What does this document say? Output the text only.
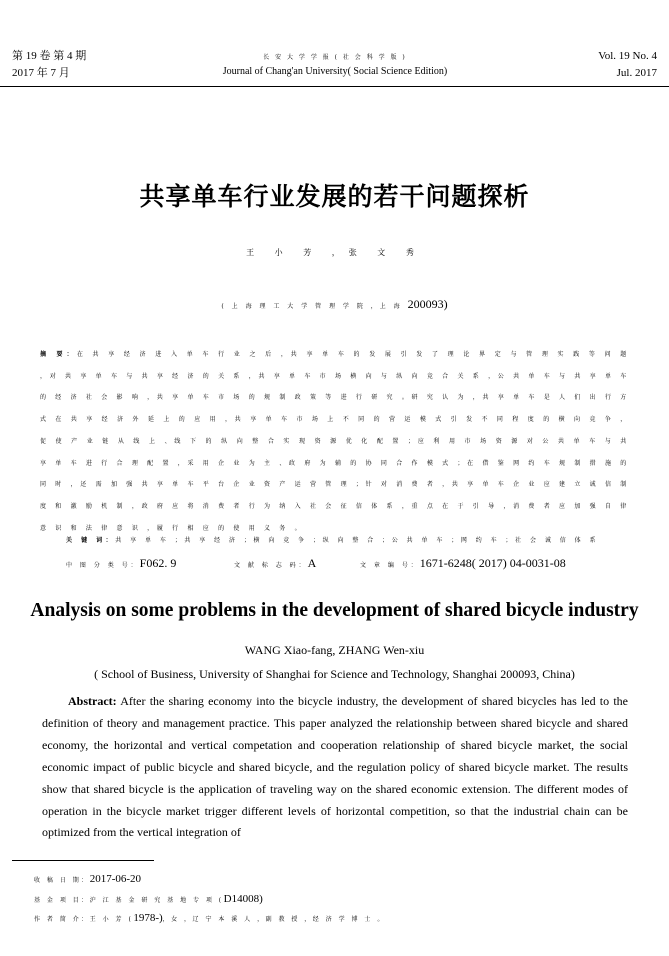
第 19 卷 第 4 期
2017 年 7 月
长 安 大 学 学 报 ( 社 会 科 学 版 )
Journal of Chang'an University( Social Science Edition)
Vol. 19 No. 4
Jul. 2017
共享单车行业发展的若干问题探析
王 小 芳 ，张 文 秀
( 上 海 理 工 大 学 管 理 学 院 ，上 海 200093)
摘 要：在 共 享 经 济 进 入 单 车 行 业 之 后 ，共 享 单 车 的 发 展 引 发 了 理 论 界 定 与 管 理 实 践 等 问 题 ，对 共 享 单 车 与 共 享 经 济 的 关 系 ，共 享 单 车 市 场 横 向 与 纵 向 竞 合 关 系 ，公 共 单 车 与 共 享 单 车 的 经 济 社 会 影 响 ，共 享 单 车 市 场 的 规 制 政 策 等 进 行 研 究 。研 究 认 为 ，共 享 单 车 是 人 们 出 行 方 式 在 共 享 经 济 外 延 上 的 应 用 ，共 享 单 车 市 场 上 不 同 的 营 运 模 式 引 发 不 同 程 度 的 横 向 竞 争 ，促 使 产 业 链 从 线 上 、线 下 的 纵 向 整 合 实 现 资 源 优 化 配 置 ；应 利 用 市 场 资 源 对 公 共 单 车 与 共 享 单 车 进 行 合 理 配 置 ，采 用 企 业 为 主 、政 府 为 辅 的 协 同 合 作 模 式 ；在 借 鉴 网 约 车 规 制 措 施 的 同 时 ，还 需 加 强 共 享 单 车 平 台 企 业 资 产 运 营 管 理 ；针 对 消 费 者 ，共 享 单 车 企 业 应 建 立 诚 信 制 度 和 激 励 机 制 ，政 府 应 将 消 费 者 行 为 纳 入 社 会 征 信 体 系 ，重 点 在 于 引 导 ，消 费 者 应 加 强 自 律 意 识 和 法 律 意 识 ，履 行 相 应 的 使 用 义 务 。
关 键 词：共 享 单 车 ；共 享 经 济 ；横 向 竞 争 ；纵 向 整 合 ；公 共 单 车 ；网 约 车 ；社 会 诚 信 体 系
中 图 分 类 号：F062. 9	文 献 标 志 码：A	文 章 编 号：1671-6248( 2017) 04-0031-08
Analysis on some problems in the development of shared bicycle industry
WANG Xiao-fang, ZHANG Wen-xiu
( School of Business, University of Shanghai for Science and Technology, Shanghai 200093, China)
Abstract: After the sharing economy into the bicycle industry, the development of shared bicycles has led to the definition of theory and management practice. This paper analyzed the relationship between shared bicycle and shared economy, the horizontal and vertical competation and cooperation relationship of shared bicycle market, the social economic impact of public bicycle and shared bicycle, and the regulation policy of shared bicycle market. The results show that shared bicycle is the application of traveling way on the shared economic extension. The different modes of operation in the bicycle market trigger different levels of horizontal competition, so that the industrial chain can be optimized from the vertical integration of
收 稿 日 期：2017-06-20
基 金 项 目：沪 江 基 金 研 究 基 地 专 项 (D14008)
作 者 简 介：王 小 芳 (1978-)，女 ，辽 宁 本 溪 人 ，副 教 授 ，经 济 学 博 士 。
